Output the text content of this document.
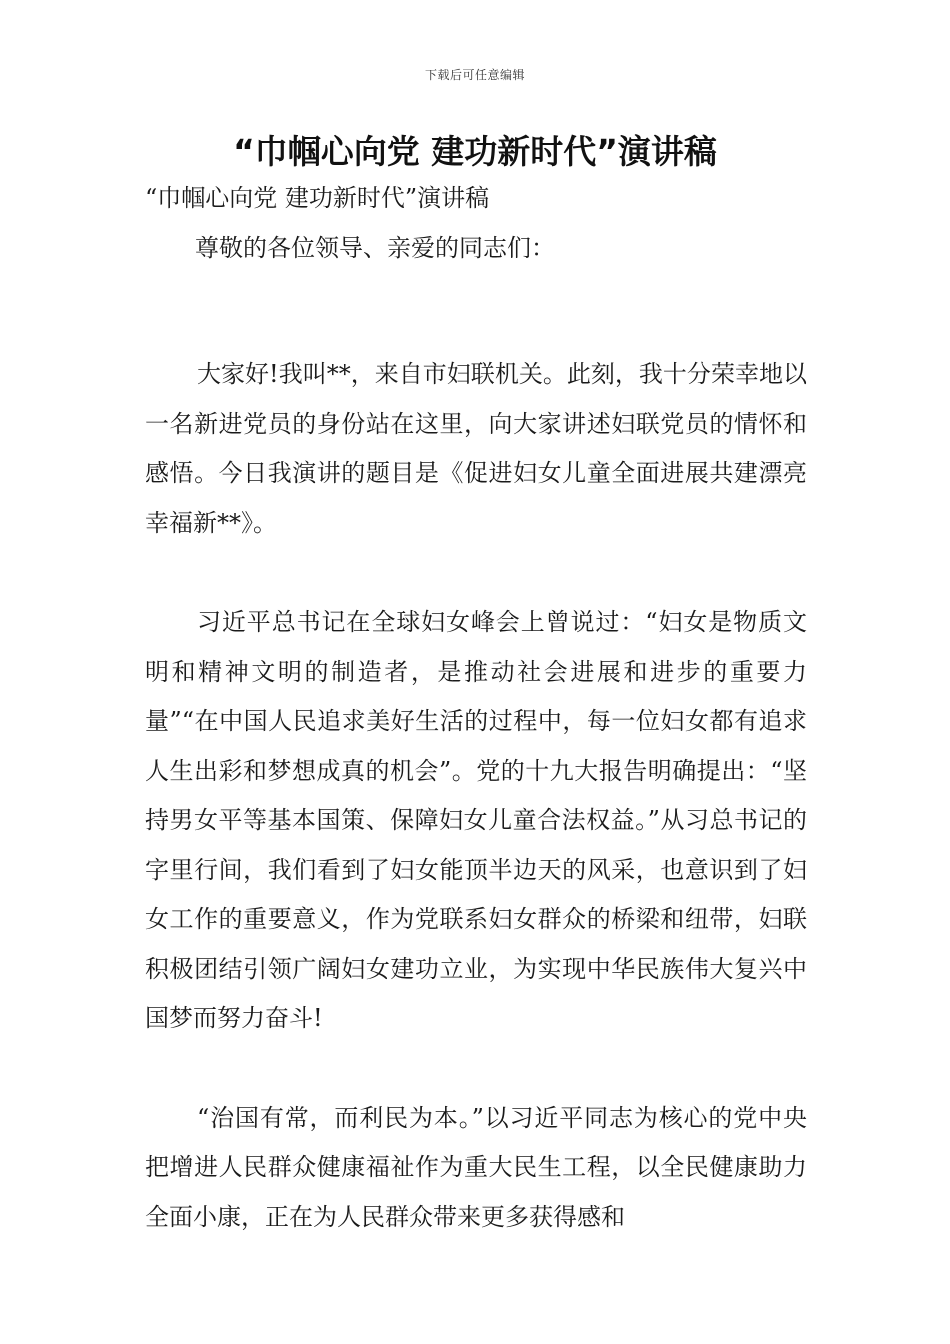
下载后可任意编辑
“巾帼心向党 建功新时代”演讲稿

“巾帼心向党 建功新时代”演讲稿

尊敬的各位领导、亲爱的同志们：

大家好!我叫**，来自市妇联机关。此刻，我十分荣幸地以一名新进党员的身份站在这里，向大家讲述妇联党员的情怀和感悟。今日我演讲的题目是《促进妇女儿童全面进展共建漂亮幸福新**》。

习近平总书记在全球妇女峰会上曾说过：“妇女是物质文明和精神文明的制造者，是推动社会进展和进步的重要力量”“在中国人民追求美好生活的过程中，每一位妇女都有追求人生出彩和梦想成真的机会”。党的十九大报告明确提出：“坚持男女平等基本国策、保障妇女儿童合法权益。”从习总书记的字里行间，我们看到了妇女能顶半边天的风采，也意识到了妇女工作的重要意义，作为党联系妇女群众的桥梁和纽带，妇联积极团结引领广阔妇女建功立业，为实现中华民族伟大复兴中国梦而努力奋斗!

“治国有常，而利民为本。”以习近平同志为核心的党中央把增进人民群众健康福祉作为重大民生工程，以全民健康助力全面小康，正在为人民群众带来更多获得感和
